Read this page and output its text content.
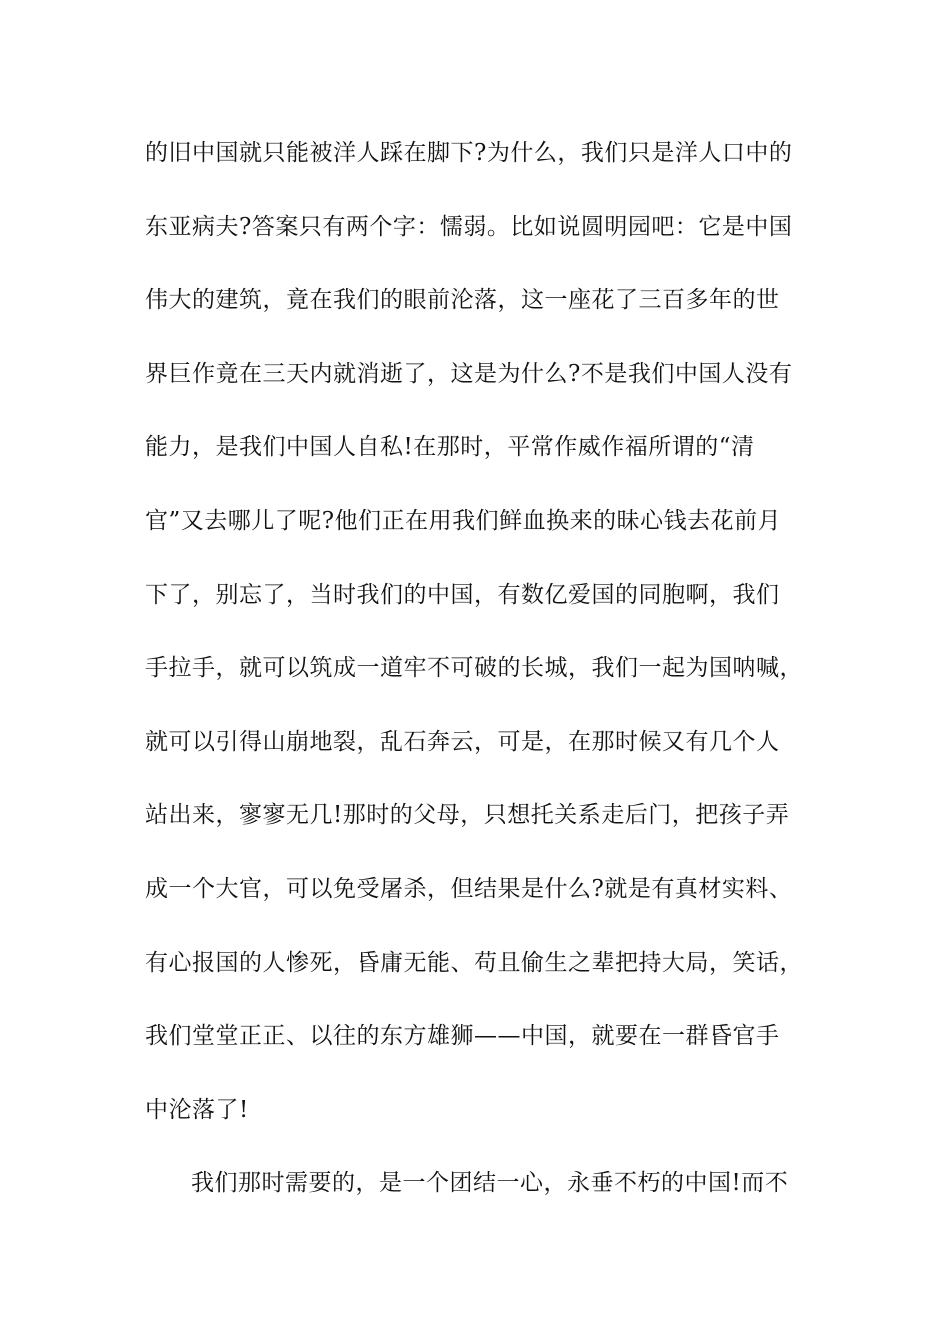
的旧中国就只能被洋人踩在脚下?为什么，我们只是洋人口中的
东亚病夫?答案只有两个字：懦弱。比如说圆明园吧：它是中国
伟大的建筑，竟在我们的眼前沦落，这一座花了三百多年的世
界巨作竟在三天内就消逝了，这是为什么?不是我们中国人没有
能力，是我们中国人自私!在那时，平常作威作福所谓的“清
官”又去哪儿了呢?他们正在用我们鲜血换来的昧心钱去花前月
下了，别忘了，当时我们的中国，有数亿爱国的同胞啊，我们
手拉手，就可以筑成一道牢不可破的长城，我们一起为国呐喊，
就可以引得山崩地裂，乱石奔云，可是，在那时候又有几个人
站出来，寥寥无几!那时的父母，只想托关系走后门，把孩子弄
成一个大官，可以免受屠杀，但结果是什么?就是有真材实料、
有心报国的人惨死，昏庸无能、苟且偷生之辈把持大局，笑话，
我们堂堂正正、以往的东方雄狮——中国，就要在一群昏官手
中沦落了!
我们那时需要的，是一个团结一心，永垂不朽的中国!而不
